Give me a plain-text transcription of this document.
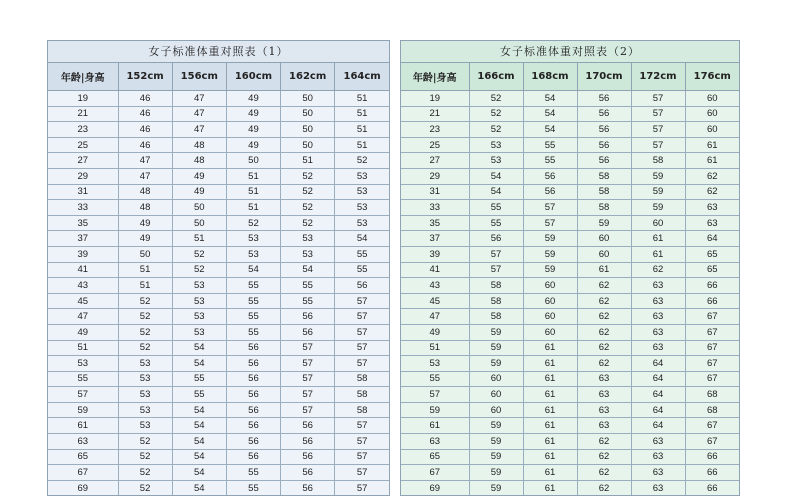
女子标准体重对照表（1）
年龄|身高	152cm	156cm	160cm	162cm	164cm
19	46	47	49	50	51
21	46	47	49	50	51
23	46	47	49	50	51
25	46	48	49	50	51
27	47	48	50	51	52
29	47	49	51	52	53
31	48	49	51	52	53
33	48	50	51	52	53
35	49	50	52	52	53
37	49	51	53	53	54
39	50	52	53	53	55
41	51	52	54	54	55
43	51	53	55	55	56
45	52	53	55	55	57
47	52	53	55	56	57
49	52	53	55	56	57
51	52	54	56	57	57
53	53	54	56	57	57
55	53	55	56	57	58
57	53	55	56	57	58
59	53	54	56	57	58
61	53	54	56	56	57
63	52	54	56	56	57
65	52	54	56	56	57
67	52	54	55	56	57
69	52	54	55	56	57
女子标准体重对照表（2）
年龄|身高	166cm	168cm	170cm	172cm	176cm
19	52	54	56	57	60
21	52	54	56	57	60
23	52	54	56	57	60
25	53	55	56	57	61
27	53	55	56	58	61
29	54	56	58	59	62
31	54	56	58	59	62
33	55	57	58	59	63
35	55	57	59	60	63
37	56	59	60	61	64
39	57	59	60	61	65
41	57	59	61	62	65
43	58	60	62	63	66
45	58	60	62	63	66
47	58	60	62	63	67
49	59	60	62	63	67
51	59	61	62	63	67
53	59	61	62	64	67
55	60	61	63	64	67
57	60	61	63	64	68
59	60	61	63	64	68
61	59	61	63	64	67
63	59	61	62	63	67
65	59	61	62	63	66
67	59	61	62	63	66
69	59	61	62	63	66
